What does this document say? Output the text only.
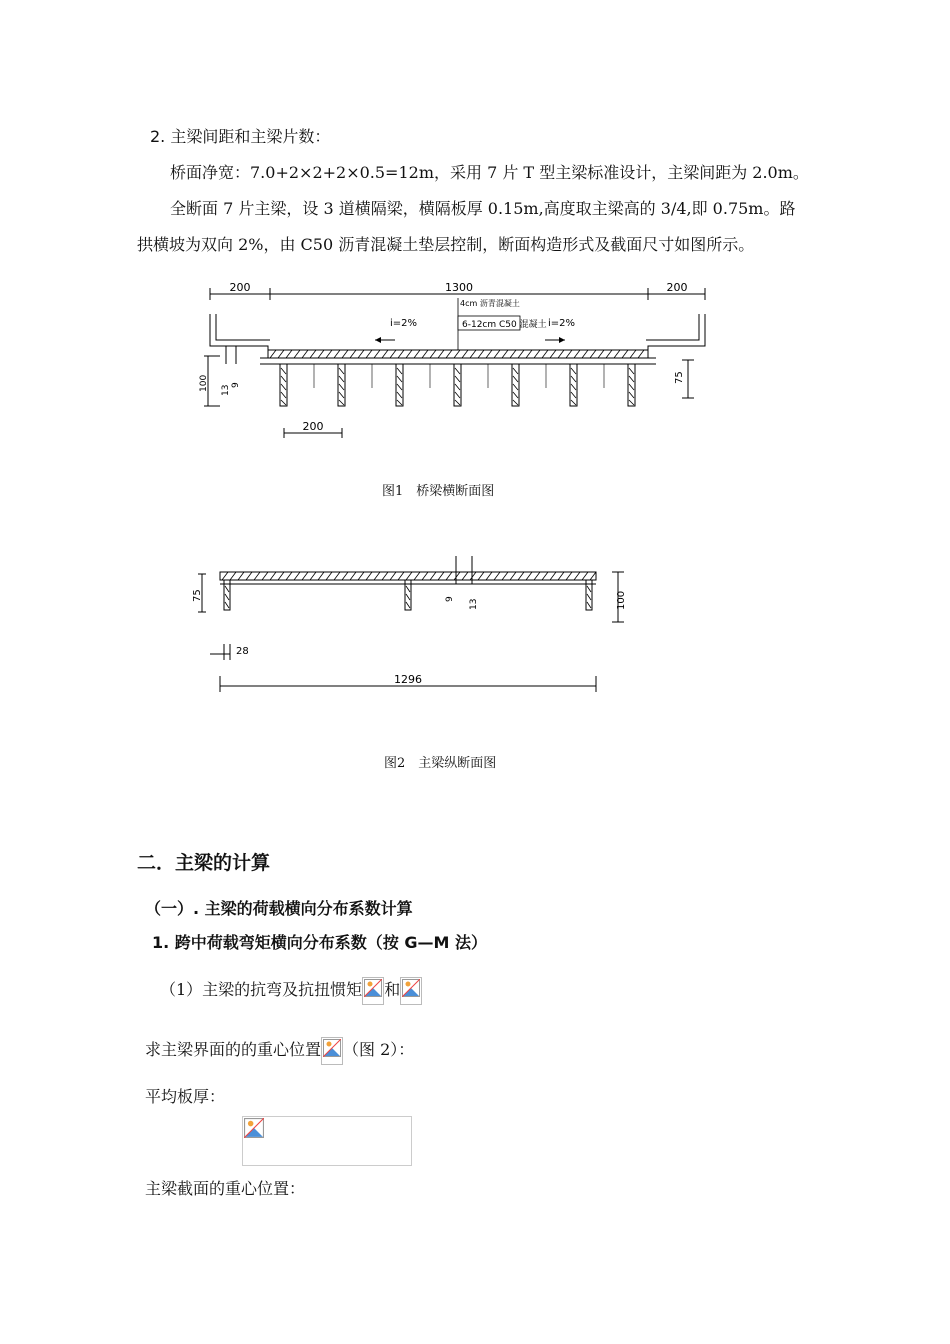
2. 主梁间距和主梁片数：
桥面净宽：7.0+2×2+2×0.5=12m，采用 7 片 T 型主梁标准设计，主梁间距为 2.0m。
全断面 7 片主梁，设 3 道横隔梁，横隔板厚 0.15m,高度取主梁高的 3/4,即 0.75m。路
拱横坡为双向 2%，由 C50 沥青混凝土垫层控制，断面构造形式及截面尺寸如图所示。
200	1300	200
i=2%	i=2%
4cm 沥青混凝土
6-12cm C50 混凝土
100 13 9
75
200
图1　桥梁横断面图
75	9 13	100
28
1296
图2　主梁纵断面图
二．主梁的计算
（一）. 主梁的荷载横向分布系数计算
1. 跨中荷载弯矩横向分布系数（按 G—M 法）
（1）主梁的抗弯及抗扭惯矩 和
求主梁界面的的重心位置 （图 2）：
平均板厚：
主梁截面的重心位置：
